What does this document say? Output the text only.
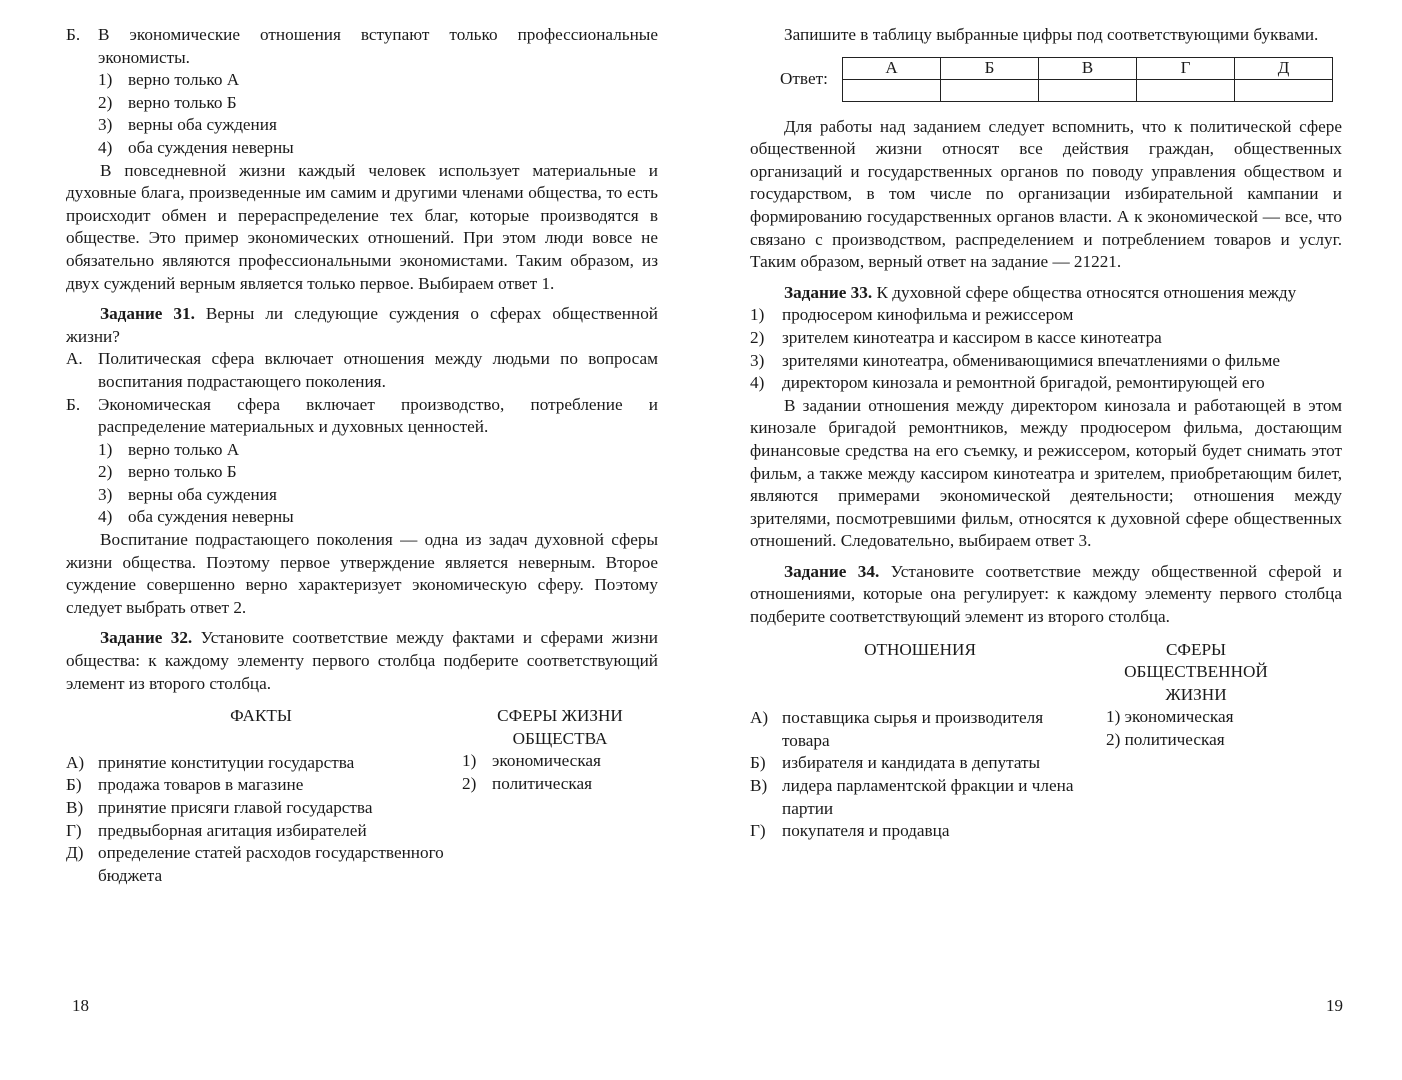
Б.	В экономические отношения вступают только профессиональные экономисты.
1) верно только А
2) верно только Б
3) верны оба суждения
4) оба суждения неверны

В повседневной жизни каждый человек использует материальные и духовные блага, произведенные им самим и другими членами общества, то есть происходит обмен и перераспределение тех благ, которые производятся в обществе. Это пример экономических отношений. При этом люди вовсе не обязательно являются профессиональными экономистами. Таким образом, из двух суждений верным является только первое. Выбираем ответ 1.

Задание 31. Верны ли следующие суждения о сферах общественной жизни?

А. Политическая сфера включает отношения между людьми по вопросам воспитания подрастающего поколения.
Б.	Экономическая сфера включает производство, потребление и распределение материальных и духовных ценностей.
1) верно только А
2) верно только Б
3) верны оба суждения
4) оба суждения неверны

Воспитание подрастающего поколения — одна из задач духовной сферы жизни общества. Поэтому первое утверждение является неверным. Второе суждение совершенно верно характеризует экономическую сферу. Поэтому следует выбрать ответ 2.

Задание 32. Установите соответствие между фактами и сферами жизни общества: к каждому элементу первого столбца подберите соответствующий элемент из второго столбца.

ФАКТЫ
А) принятие конституции государства
Б) продажа товаров в магазине
В) принятие присяги главой государства
Г) предвыборная агитация избирателей
Д) определение статей расходов государственного бюджета
СФЕРЫ ЖИЗНИ
ОБЩЕСТВА
1) экономическая
2) политическая
18

Запишите в таблицу выбранные цифры под соответствующими буквами.

Ответ:
А	Б	В	Г	Д

Для работы над заданием следует вспомнить, что к политической сфере общественной жизни относят все действия граждан, общественных организаций и государственных органов по поводу управления обществом и государством, в том числе по организации избирательной кампании и формированию государственных органов власти. А к экономической — все, что связано с производством, распределением и потреблением товаров и услуг. Таким образом, верный ответ на задание — 21221.

Задание 33. К духовной сфере общества относятся отношения между

1)	продюсером кинофильма и режиссером
2)	зрителем кинотеатра и кассиром в кассе кинотеатра
3)	зрителями кинотеатра, обменивающимися впечатлениями о фильме
4)	директором кинозала и ремонтной бригадой, ремонтирующей его

В задании отношения между директором кинозала и работающей в этом кинозале бригадой ремонтников, между продюсером фильма, достающим финансовые средства на его съемку, и режиссером, который будет снимать этот фильм, а также между кассиром кинотеатра и зрителем, приобретающим билет, являются примерами экономической деятельности; отношения между зрителями, посмотревшими фильм, относятся к духовной сфере общественных отношений. Следовательно, выбираем ответ 3.

Задание 34. Установите соответствие между общественной сферой и отношениями, которые она регулирует: к каждому элементу первого столбца подберите соответствующий элемент из второго столбца.

ОТНОШЕНИЯ
А) поставщика сырья и производителя товара
Б) избирателя и кандидата в депутаты
В) лидера парламентской фракции и члена партии
Г) покупателя и продавца
СФЕРЫ
ОБЩЕСТВЕННОЙ
ЖИЗНИ
1) экономическая
2) политическая
19
